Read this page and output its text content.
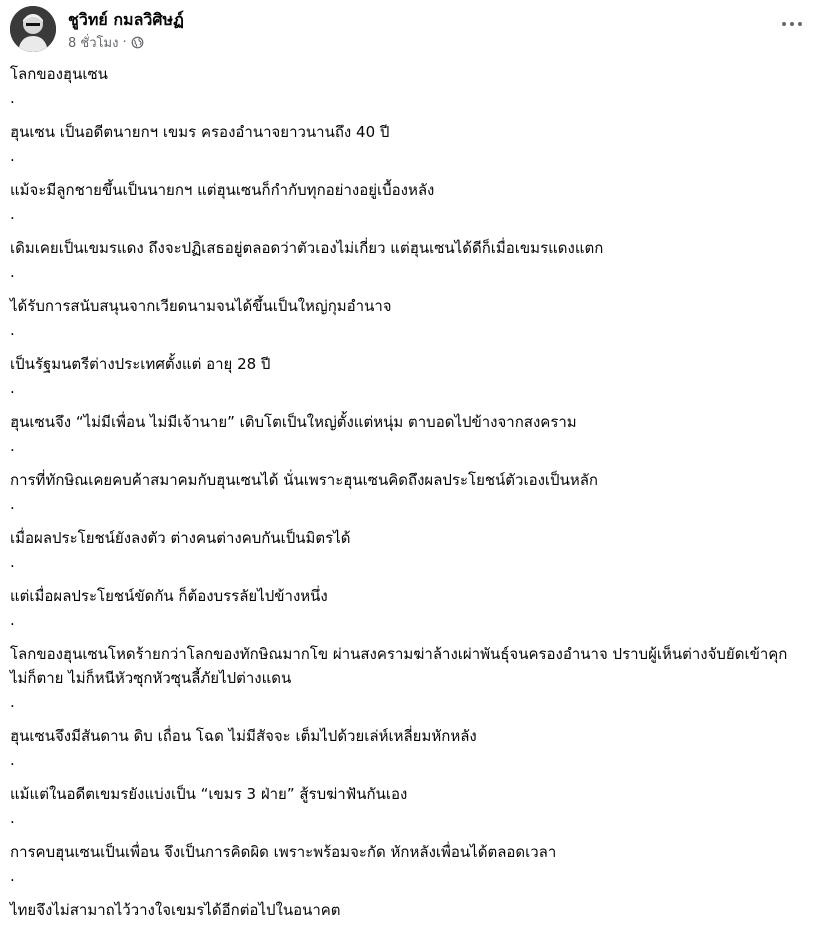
ชูวิทย์ กมลวิศิษฏ์
8 ชั่วโมง ·

โลกของฮุนเซน

.

ฮุนเซน เป็นอดีตนายกฯ เขมร ครองอำนาจยาวนานถึง 40 ปี

.

แม้จะมีลูกชายขึ้นเป็นนายกฯ แต่ฮุนเซนก็กำกับทุกอย่างอยู่เบื้องหลัง

.

เดิมเคยเป็นเขมรแดง ถึงจะปฏิเสธอยู่ตลอดว่าตัวเองไม่เกี่ยว แต่ฮุนเซนได้ดีก็เมื่อเขมรแดงแตก

.

ได้รับการสนับสนุนจากเวียดนามจนได้ขึ้นเป็นใหญ่กุมอำนาจ

.

เป็นรัฐมนตรีต่างประเทศตั้งแต่ อายุ 28 ปี

.

ฮุนเซนจึง “ไม่มีเพื่อน ไม่มีเจ้านาย” เติบโตเป็นใหญ่ตั้งแต่หนุ่ม ตาบอดไปข้างจากสงคราม

.

การที่ทักษิณเคยคบค้าสมาคมกับฮุนเซนได้ นั่นเพราะฮุนเซนคิดถึงผลประโยชน์ตัวเองเป็นหลัก

.

เมื่อผลประโยชน์ยังลงตัว ต่างคนต่างคบกันเป็นมิตรได้

.

แต่เมื่อผลประโยชน์ขัดกัน ก็ต้องบรรลัยไปข้างหนึ่ง

.

โลกของฮุนเซนโหดร้ายกว่าโลกของทักษิณมากโข ผ่านสงครามฆ่าล้างเผ่าพันธุ์จนครองอำนาจ ปราบผู้เห็นต่างจับยัดเข้าคุก ไม่ก็ตาย ไม่ก็หนีหัวซุกหัวซุนลี้ภัยไปต่างแดน

.

ฮุนเซนจึงมีสันดาน ดิบ เถื่อน โฉด ไม่มีสัจจะ เต็มไปด้วยเล่ห์เหลี่ยมหักหลัง

.

แม้แต่ในอดีตเขมรยังแบ่งเป็น “เขมร 3 ฝ่าย” สู้รบฆ่าฟันกันเอง

.

การคบฮุนเซนเป็นเพื่อน จึงเป็นการคิดผิด เพราะพร้อมจะกัด หักหลังเพื่อนได้ตลอดเวลา

.

ไทยจึงไม่สามาถไว้วางใจเขมรได้อีกต่อไปในอนาคต
